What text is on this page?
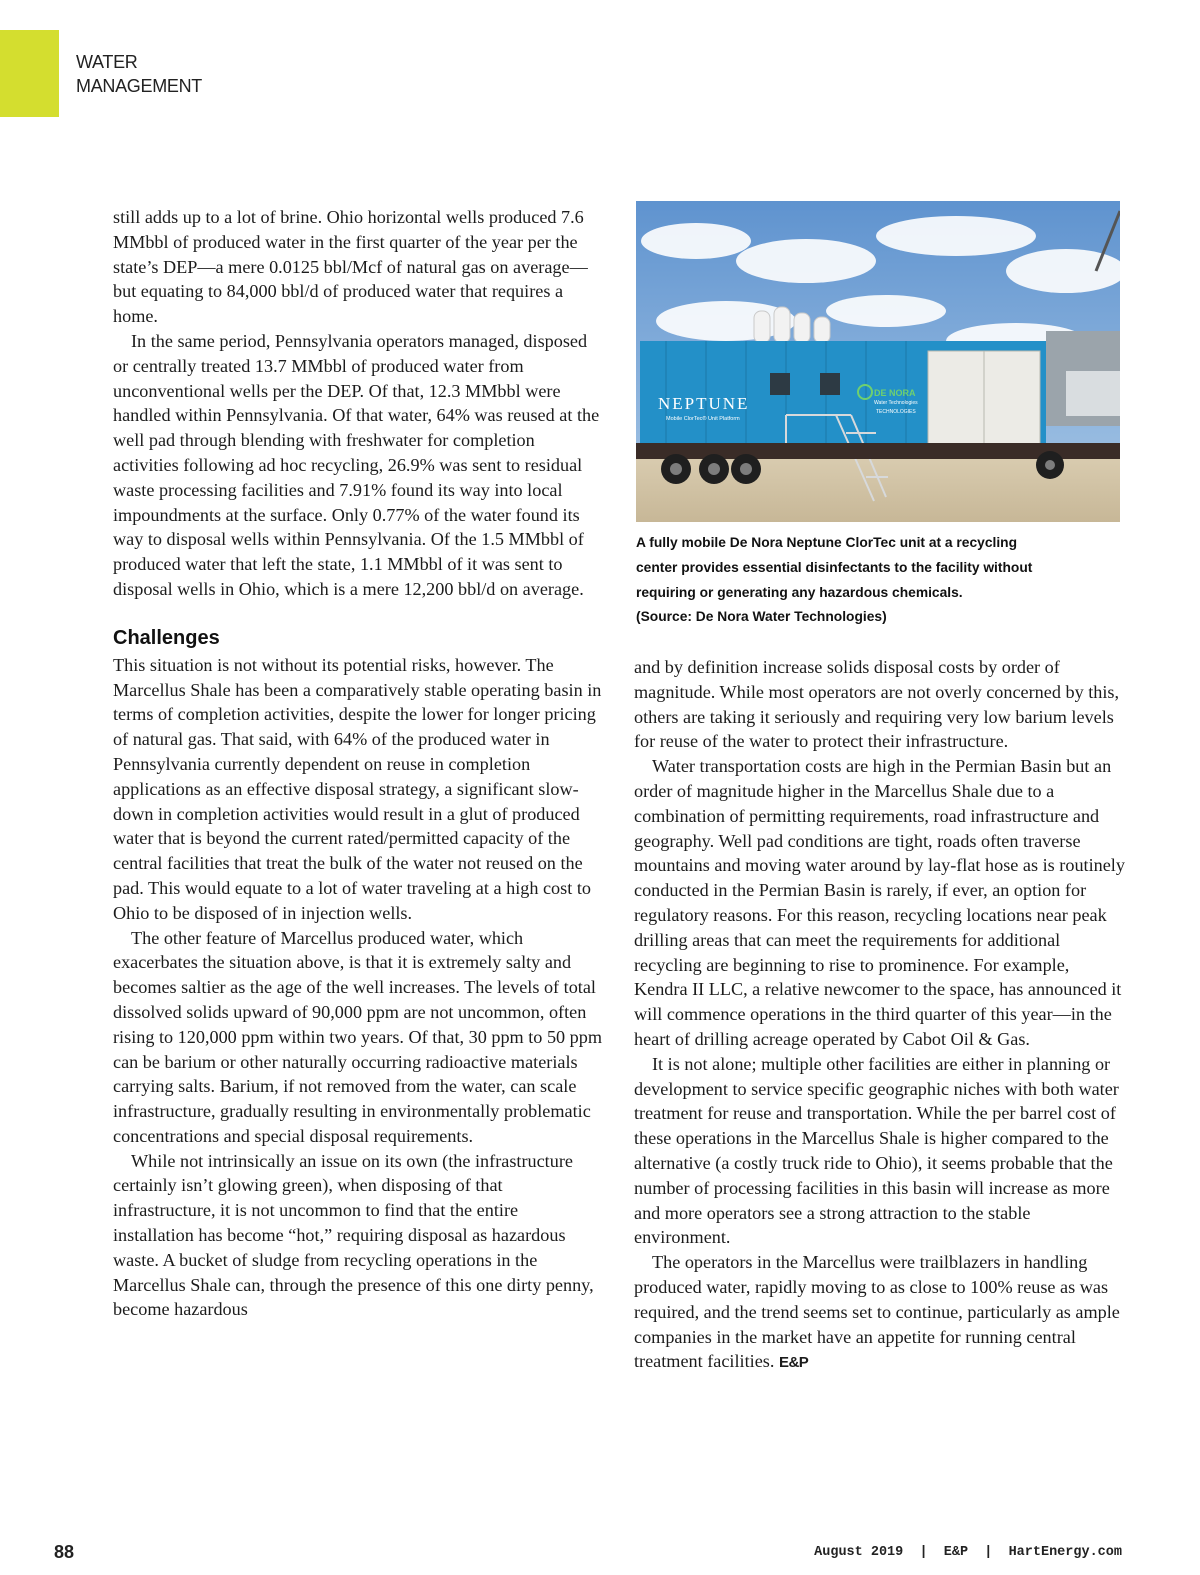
WATER
MANAGEMENT

still adds up to a lot of brine. Ohio horizontal wells produced 7.6 MMbbl of produced water in the first quarter of the year per the state’s DEP—a mere 0.0125 bbl/Mcf of natural gas on average—but equating to 84,000 bbl/d of produced water that requires a home.

In the same period, Pennsylvania operators managed, disposed or centrally treated 13.7 MMbbl of produced water from unconventional wells per the DEP. Of that, 12.3 MMbbl were handled within Pennsylvania. Of that water, 64% was reused at the well pad through blending with freshwater for completion activities following ad hoc recycling, 26.9% was sent to residual waste processing facilities and 7.91% found its way into local impoundments at the surface. Only 0.77% of the water found its way to disposal wells within Pennsylvania. Of the 1.5 MMbbl of produced water that left the state, 1.1 MMbbl of it was sent to disposal wells in Ohio, which is a mere 12,200 bbl/d on average.

Challenges

This situation is not without its potential risks, however. The Marcellus Shale has been a comparatively stable operating basin in terms of completion activities, despite the lower for longer pricing of natural gas. That said, with 64% of the produced water in Pennsylvania currently dependent on reuse in completion applications as an effective disposal strategy, a significant slow-down in completion activities would result in a glut of produced water that is beyond the current rated/permitted capacity of the central facilities that treat the bulk of the water not reused on the pad. This would equate to a lot of water traveling at a high cost to Ohio to be disposed of in injection wells.

The other feature of Marcellus produced water, which exacerbates the situation above, is that it is extremely salty and becomes saltier as the age of the well increases. The levels of total dissolved solids upward of 90,000 ppm are not uncommon, often rising to 120,000 ppm within two years. Of that, 30 ppm to 50 ppm can be barium or other naturally occurring radioactive materials carrying salts. Barium, if not removed from the water, can scale infrastructure, gradually resulting in environmentally problematic concentrations and special disposal requirements.

While not intrinsically an issue on its own (the infrastructure certainly isn’t glowing green), when disposing of that infrastructure, it is not uncommon to find that the entire installation has become “hot,” requiring disposal as hazardous waste. A bucket of sludge from recycling operations in the Marcellus Shale can, through the presence of this one dirty penny, become hazardous

NEPTUNE
Mobile ClorTec® Unit Platform
DE NORA
Water Technologies
TECHNOLOGIES
A fully mobile De Nora Neptune ClorTec unit at a recycling
center provides essential disinfectants to the facility without
requiring or generating any hazardous chemicals.
(Source: De Nora Water Technologies)

and by definition increase solids disposal costs by order of magnitude. While most operators are not overly concerned by this, others are taking it seriously and requiring very low barium levels for reuse of the water to protect their infrastructure.

Water transportation costs are high in the Permian Basin but an order of magnitude higher in the Marcellus Shale due to a combination of permitting requirements, road infrastructure and geography. Well pad conditions are tight, roads often traverse mountains and moving water around by lay-flat hose as is routinely conducted in the Permian Basin is rarely, if ever, an option for regulatory reasons. For this reason, recycling locations near peak drilling areas that can meet the requirements for additional recycling are beginning to rise to prominence. For example, Kendra II LLC, a relative newcomer to the space, has announced it will commence operations in the third quarter of this year—in the heart of drilling acreage operated by Cabot Oil & Gas.

It is not alone; multiple other facilities are either in planning or development to service specific geographic niches with both water treatment for reuse and transportation. While the per barrel cost of these operations in the Marcellus Shale is higher compared to the alternative (a costly truck ride to Ohio), it seems probable that the number of processing facilities in this basin will increase as more and more operators see a strong attraction to the stable environment.

The operators in the Marcellus were trailblazers in handling produced water, rapidly moving to as close to 100% reuse as was required, and the trend seems set to continue, particularly as ample companies in the market have an appetite for running central treatment facilities. E&P

88	August 2019  |  E&P  |  HartEnergy.com
